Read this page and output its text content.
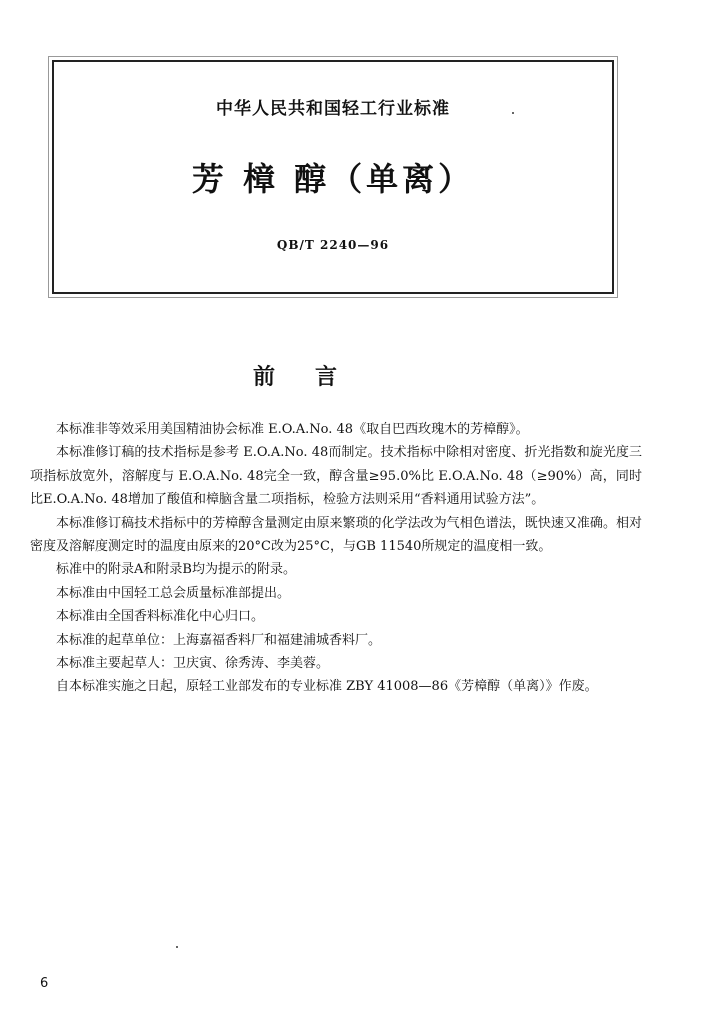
中华人民共和国轻工行业标准
芳 樟 醇（单离）
QB/T 2240—96
前言

本标准非等效采用美国精油协会标准 E.O.A.No. 48《取自巴西玫瑰木的芳樟醇》。

本标准修订稿的技术指标是参考 E.O.A.No. 48而制定。技术指标中除相对密度、折光指数和旋光度三项指标放宽外，溶解度与 E.O.A.No. 48完全一致，醇含量≥95.0%比 E.O.A.No. 48（≥90%）高，同时比E.O.A.No. 48增加了酸值和樟脑含量二项指标，检验方法则采用“香料通用试验方法”。

本标准修订稿技术指标中的芳樟醇含量测定由原来繁琐的化学法改为气相色谱法，既快速又准确。相对密度及溶解度测定时的温度由原来的20°C改为25°C，与GB 11540所规定的温度相一致。

标准中的附录A和附录B均为提示的附录。

本标准由中国轻工总会质量标准部提出。

本标准由全国香料标准化中心归口。

本标准的起草单位：上海嘉福香料厂和福建浦城香料厂。

本标准主要起草人：卫庆寅、徐秀涛、李美蓉。

自本标准实施之日起，原轻工业部发布的专业标准 ZBY 41008—86《芳樟醇（单离）》作废。

6
